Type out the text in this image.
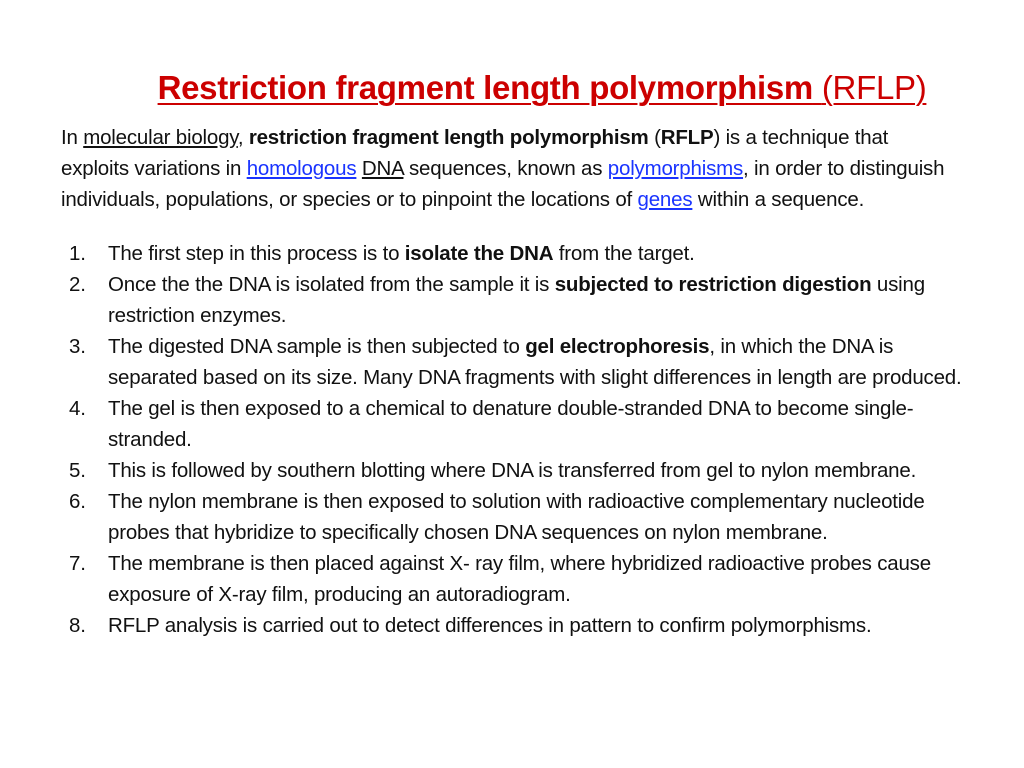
Restriction fragment length polymorphism (RFLP)

In molecular biology, restriction fragment length polymorphism (RFLP) is a technique that exploits variations in homologous DNA sequences, known as polymorphisms, in order to distinguish individuals, populations, or species or to pinpoint the locations of genes within a sequence.

1.	The first step in this process is to isolate the DNA from the target.
2.	Once the the DNA is isolated from the sample it is subjected to restriction digestion using restriction enzymes.
3.	The digested DNA sample is then subjected to gel electrophoresis, in which the DNA is separated based on its size. Many DNA fragments with slight differences in length are produced.
4.	The gel is then exposed to a chemical to denature double-stranded DNA to become single- stranded.
5.	This is followed by southern blotting where DNA is transferred from gel to nylon membrane.
6.	The nylon membrane is then exposed to solution with radioactive complementary nucleotide probes that hybridize to specifically chosen DNA sequences on nylon membrane.
7.	The membrane is then placed against X- ray film, where hybridized radioactive probes cause exposure of X-ray film, producing an autoradiogram.
8.	RFLP analysis is carried out to detect differences in pattern to confirm polymorphisms.
